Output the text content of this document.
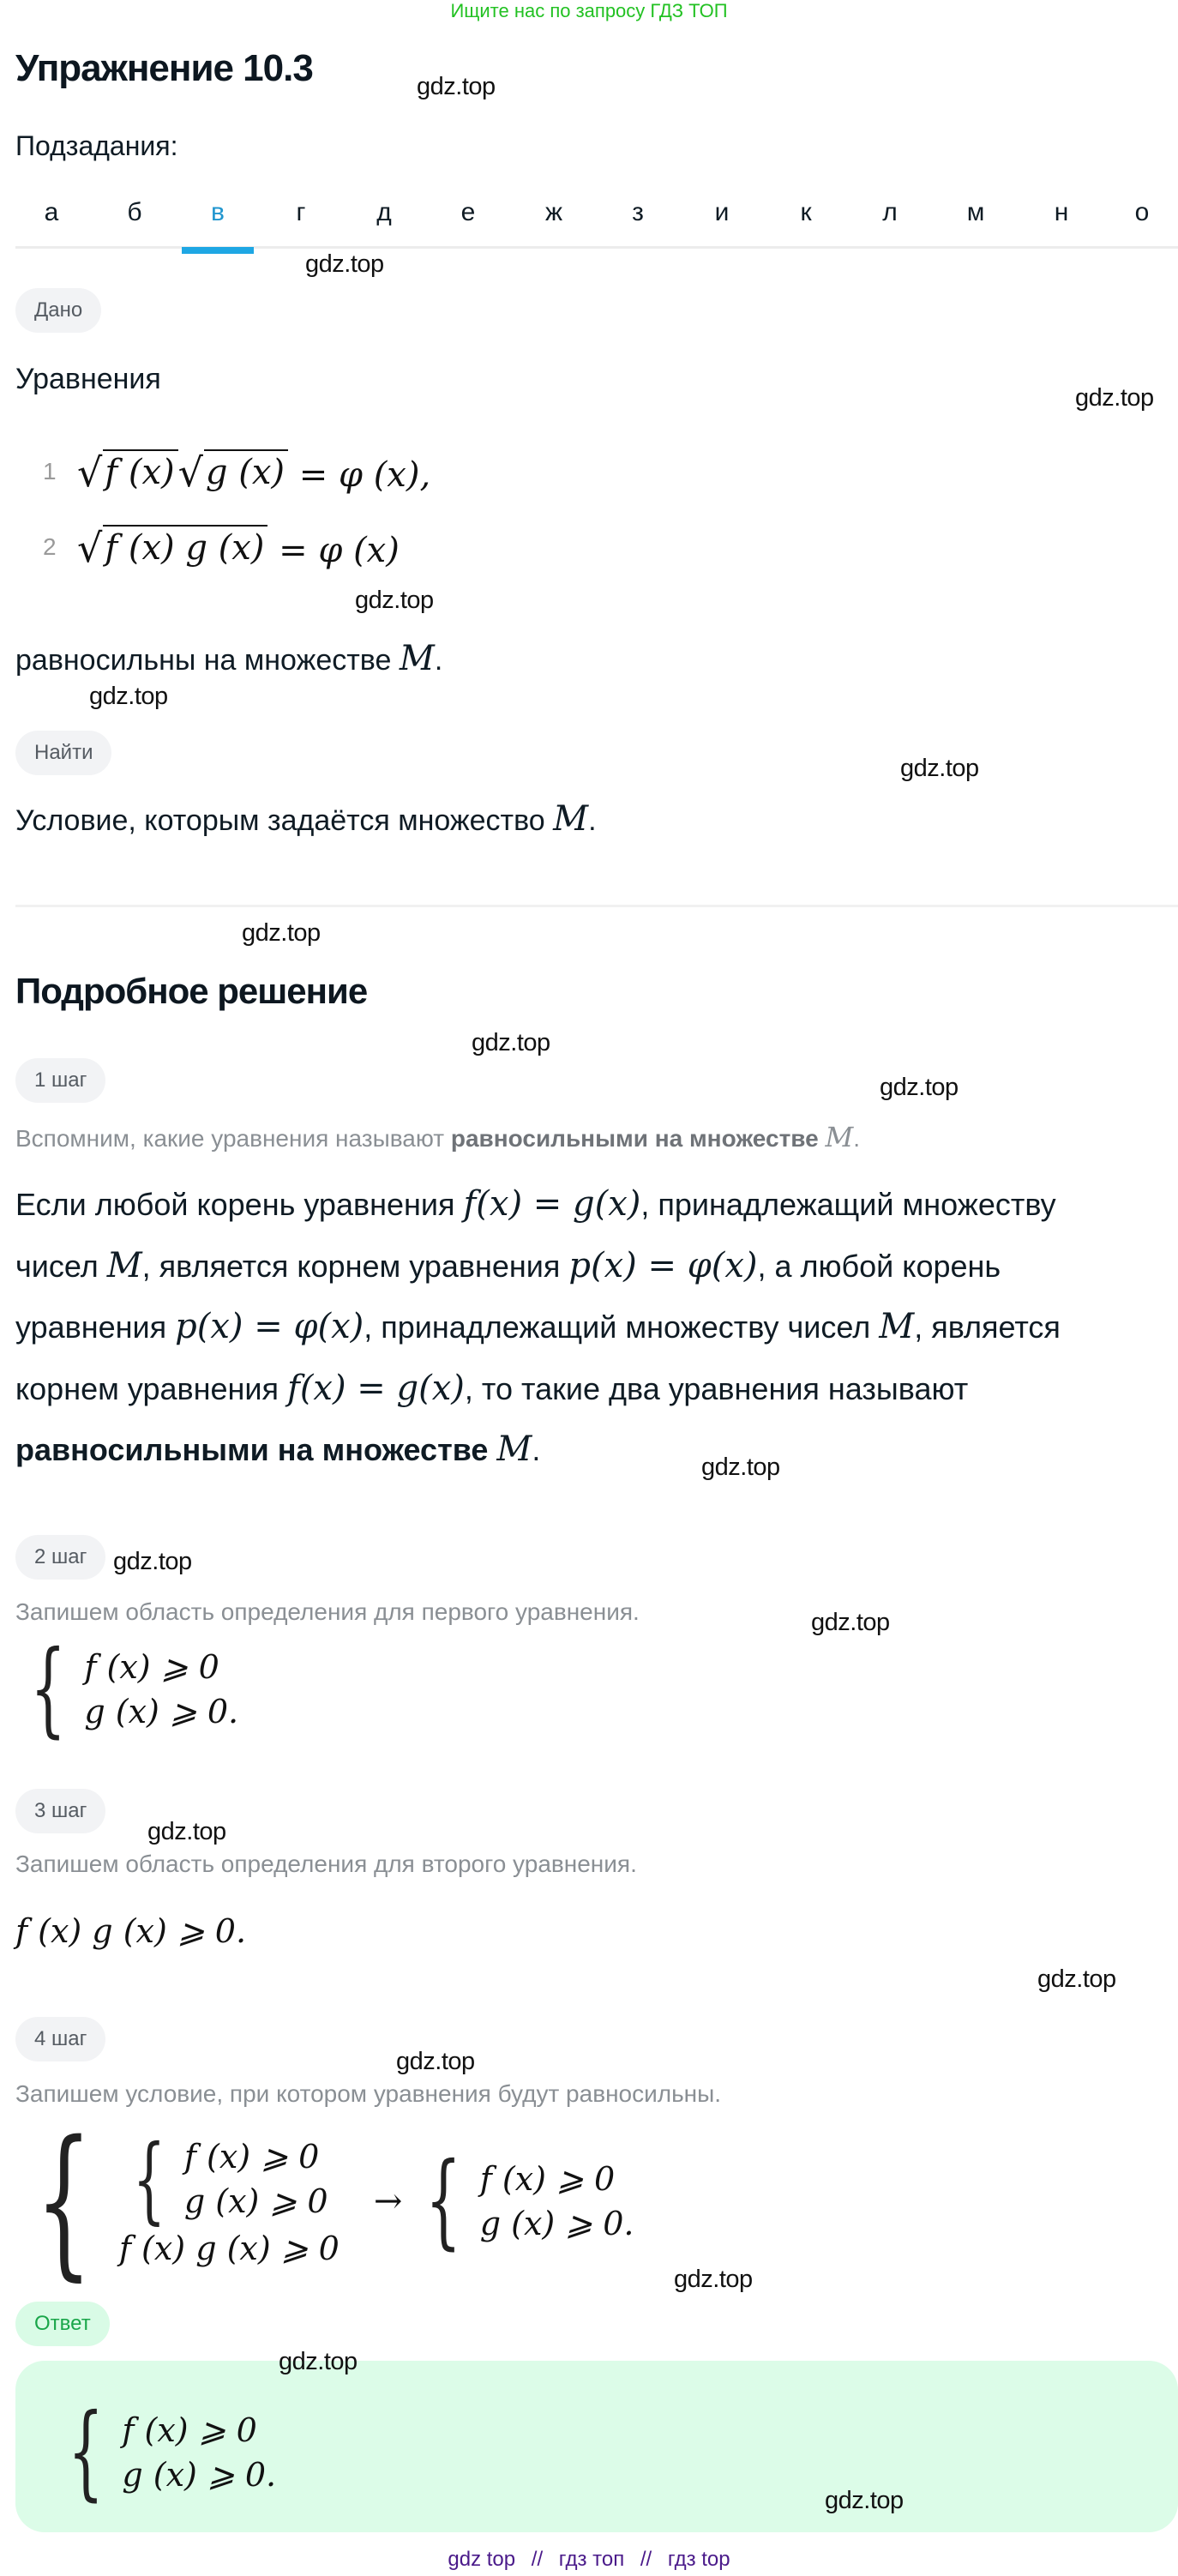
Ищите нас по запросу ГДЗ ТОП
Упражнение 10.3
Подзадания:
а	б	в	г	д	е	ж	з	и	к	л	м	н	о
Дано
Уравнения
1 √ f (x) √ g (x) = φ (x),
2 √ f (x) g (x) = φ (x)
равносильны на множестве M.
Найти
Условие, которым задаётся множество M.
Подробное решение
1 шаг
Вспомним, какие уравнения называют равносильными на множестве M.
Если любой корень уравнения f(x) = g(x), принадлежащий множеству
чисел M, является корнем уравнения p(x) = φ(x), а любой корень
уравнения p(x) = φ(x), принадлежащий множеству чисел M, является
корнем уравнения f(x) = g(x), то такие два уравнения называют
равносильными на множестве M.
2 шаг
Запишем область определения для первого уравнения.
{ f (x) ⩾ 0
g (x) ⩾ 0.
3 шаг
Запишем область определения для второго уравнения.
f (x) g (x) ⩾ 0.
4 шаг
Запишем условие, при котором уравнения будут равносильны.
{ { f (x) ⩾ 0
g (x) ⩾ 0
f (x) g (x) ⩾ 0
→ { f (x) ⩾ 0
g (x) ⩾ 0.
Ответ
{ f (x) ⩾ 0
g (x) ⩾ 0.
gdz.top
gdz.top
gdz.top
gdz.top
gdz.top
gdz.top
gdz.top
gdz.top
gdz.top
gdz.top
gdz.top
gdz.top
gdz.top
gdz.top
gdz.top
gdz.top
gdz.top
gdz.top
gdz top // гдз топ // гдз top
